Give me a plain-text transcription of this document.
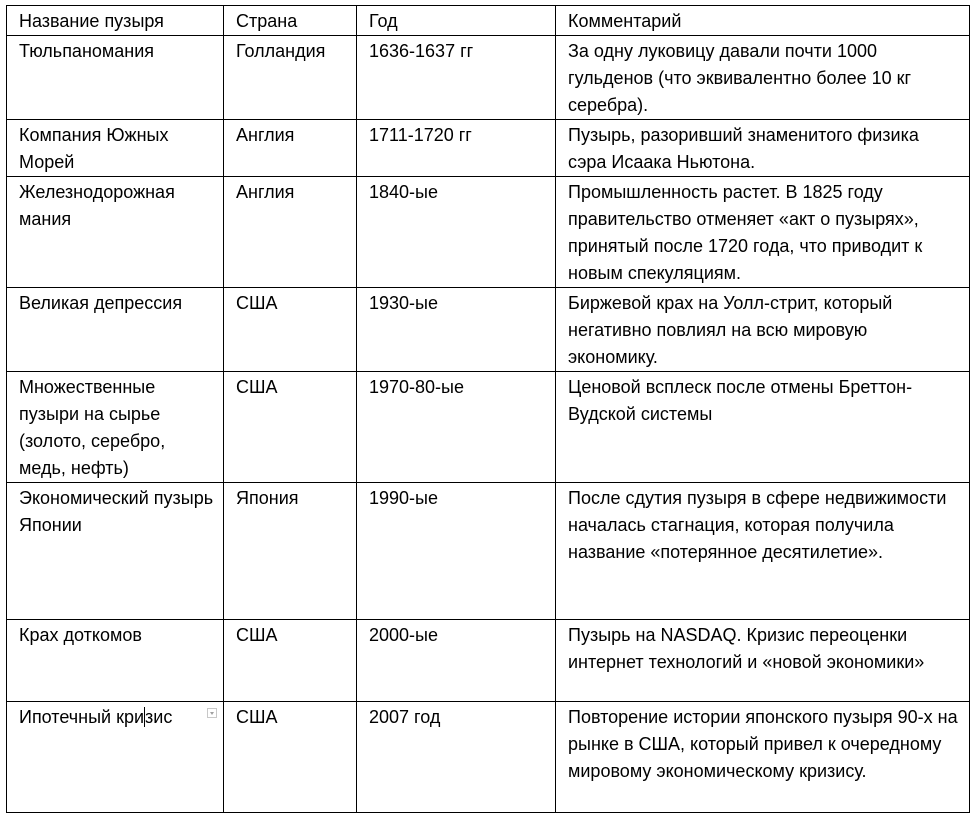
Название пузыря	Страна	Год	Комментарий
Тюльпаномания	Голландия	1636-1637 гг	За одну луковицу давали почти 1000 гульденов (что эквивалентно более 10 кг серебра).
Компания Южных Морей	Англия	1711-1720 гг	Пузырь, разоривший знаменитого физика сэра Исаака Ньютона.
Железнодорожная мания	Англия	1840-ые	Промышленность растет. В 1825 году правительство отменяет «акт о пузырях», принятый после 1720 года, что приводит к новым спекуляциям.
Великая депрессия	США	1930-ые	Биржевой крах на Уолл-стрит, который негативно повлиял на всю мировую экономику.
Множественные пузыри на сырье (золото, серебро, медь, нефть)	США	1970-80-ые	Ценовой всплеск после отмены Бреттон-Вудской системы
Экономический пузырь Японии	Япония	1990-ые	После сдутия пузыря в сфере недвижимости началась стагнация, которая получила название «потерянное десятилетие».
Крах доткомов	США	2000-ые	Пузырь на NASDAQ. Кризис переоценки интернет технологий и «новой экономики»
Ипотечный кризис	США	2007 год	Повторение истории японского пузыря 90-х на рынке в США, который привел к очередному мировому экономическому кризису.
